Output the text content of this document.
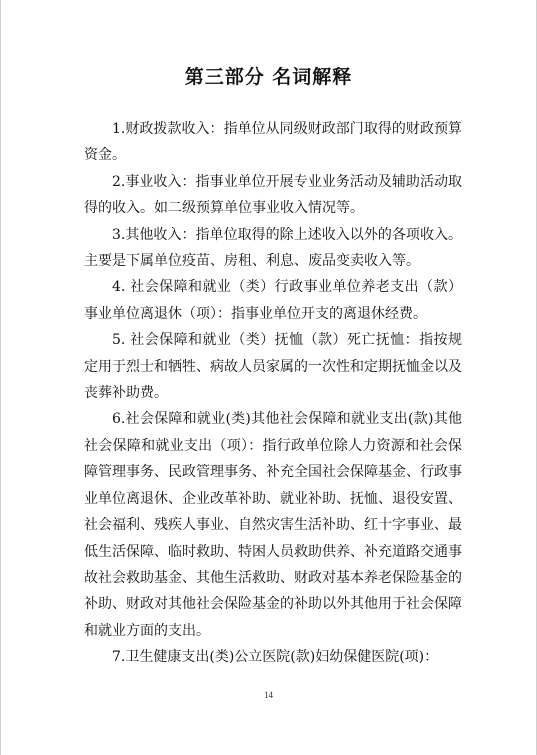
第三部分 名词解释

1.财政拨款收入：指单位从同级财政部门取得的财政预算资金。

2.事业收入：指事业单位开展专业业务活动及辅助活动取得的收入。如二级预算单位事业收入情况等。

3.其他收入：指单位取得的除上述收入以外的各项收入。主要是下属单位疫苗、房租、利息、废品变卖收入等。

4. 社会保障和就业（类）行政事业单位养老支出（款）事业单位离退休（项）：指事业单位开支的离退休经费。

5. 社会保障和就业（类）抚恤（款）死亡抚恤：指按规定用于烈士和牺牲、病故人员家属的一次性和定期抚恤金以及丧葬补助费。

6.社会保障和就业(类)其他社会保障和就业支出(款)其他社会保障和就业支出（项）：指行政单位除人力资源和社会保障管理事务、民政管理事务、补充全国社会保障基金、行政事业单位离退休、企业改革补助、就业补助、抚恤、退役安置、社会福利、残疾人事业、自然灾害生活补助、红十字事业、最低生活保障、临时救助、特困人员救助供养、补充道路交通事故社会救助基金、其他生活救助、财政对基本养老保险基金的补助、财政对其他社会保险基金的补助以外其他用于社会保障和就业方面的支出。

7.卫生健康支出(类)公立医院(款)妇幼保健医院(项)：

14
